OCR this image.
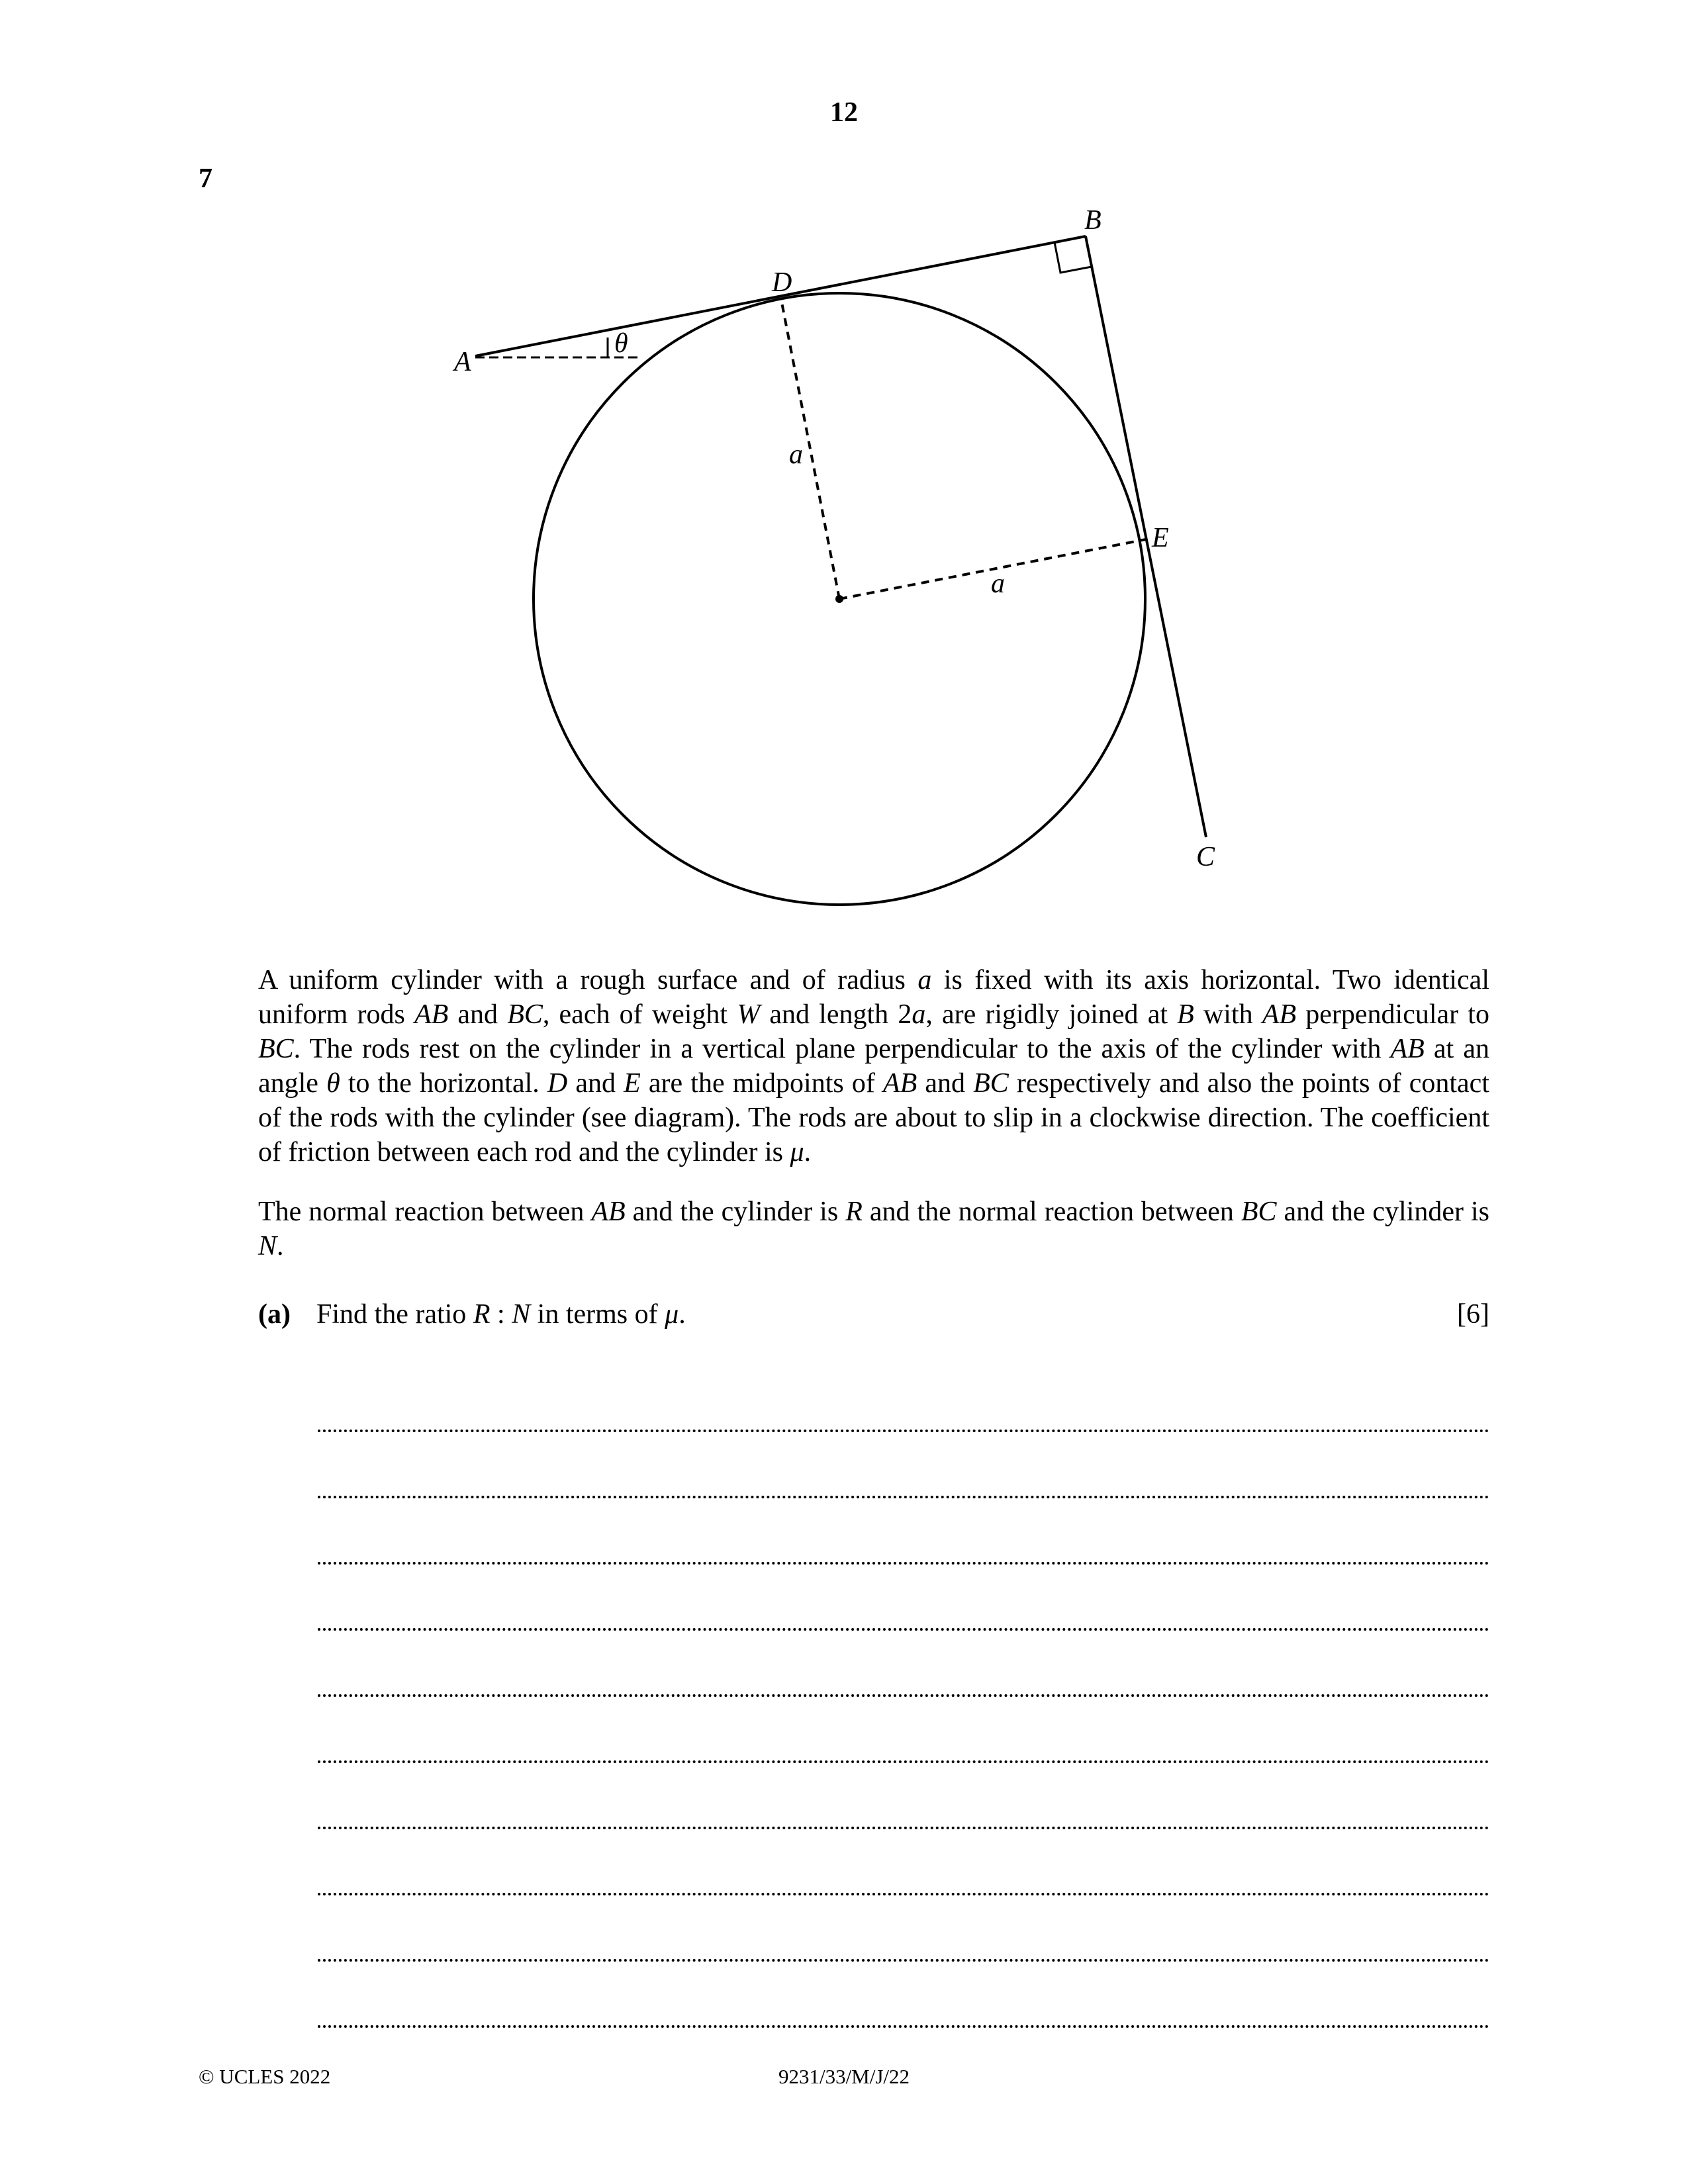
12
7
A
B
C
D
E
θ
a
a
A uniform cylinder with a rough surface and of radius a is fixed with its axis horizontal. Two identical uniform rods AB and BC, each of weight W and length 2a, are rigidly joined at B with AB perpendicular to BC. The rods rest on the cylinder in a vertical plane perpendicular to the axis of the cylinder with AB at an angle θ to the horizontal. D and E are the midpoints of AB and BC respectively and also the points of contact of the rods with the cylinder (see diagram). The rods are about to slip in a clockwise direction. The coefficient of friction between each rod and the cylinder is μ.
The normal reaction between AB and the cylinder is R and the normal reaction between BC and the cylinder is N.
(a) Find the ratio R : N in terms of μ.	[6]
© UCLES 2022	9231/33/M/J/22
